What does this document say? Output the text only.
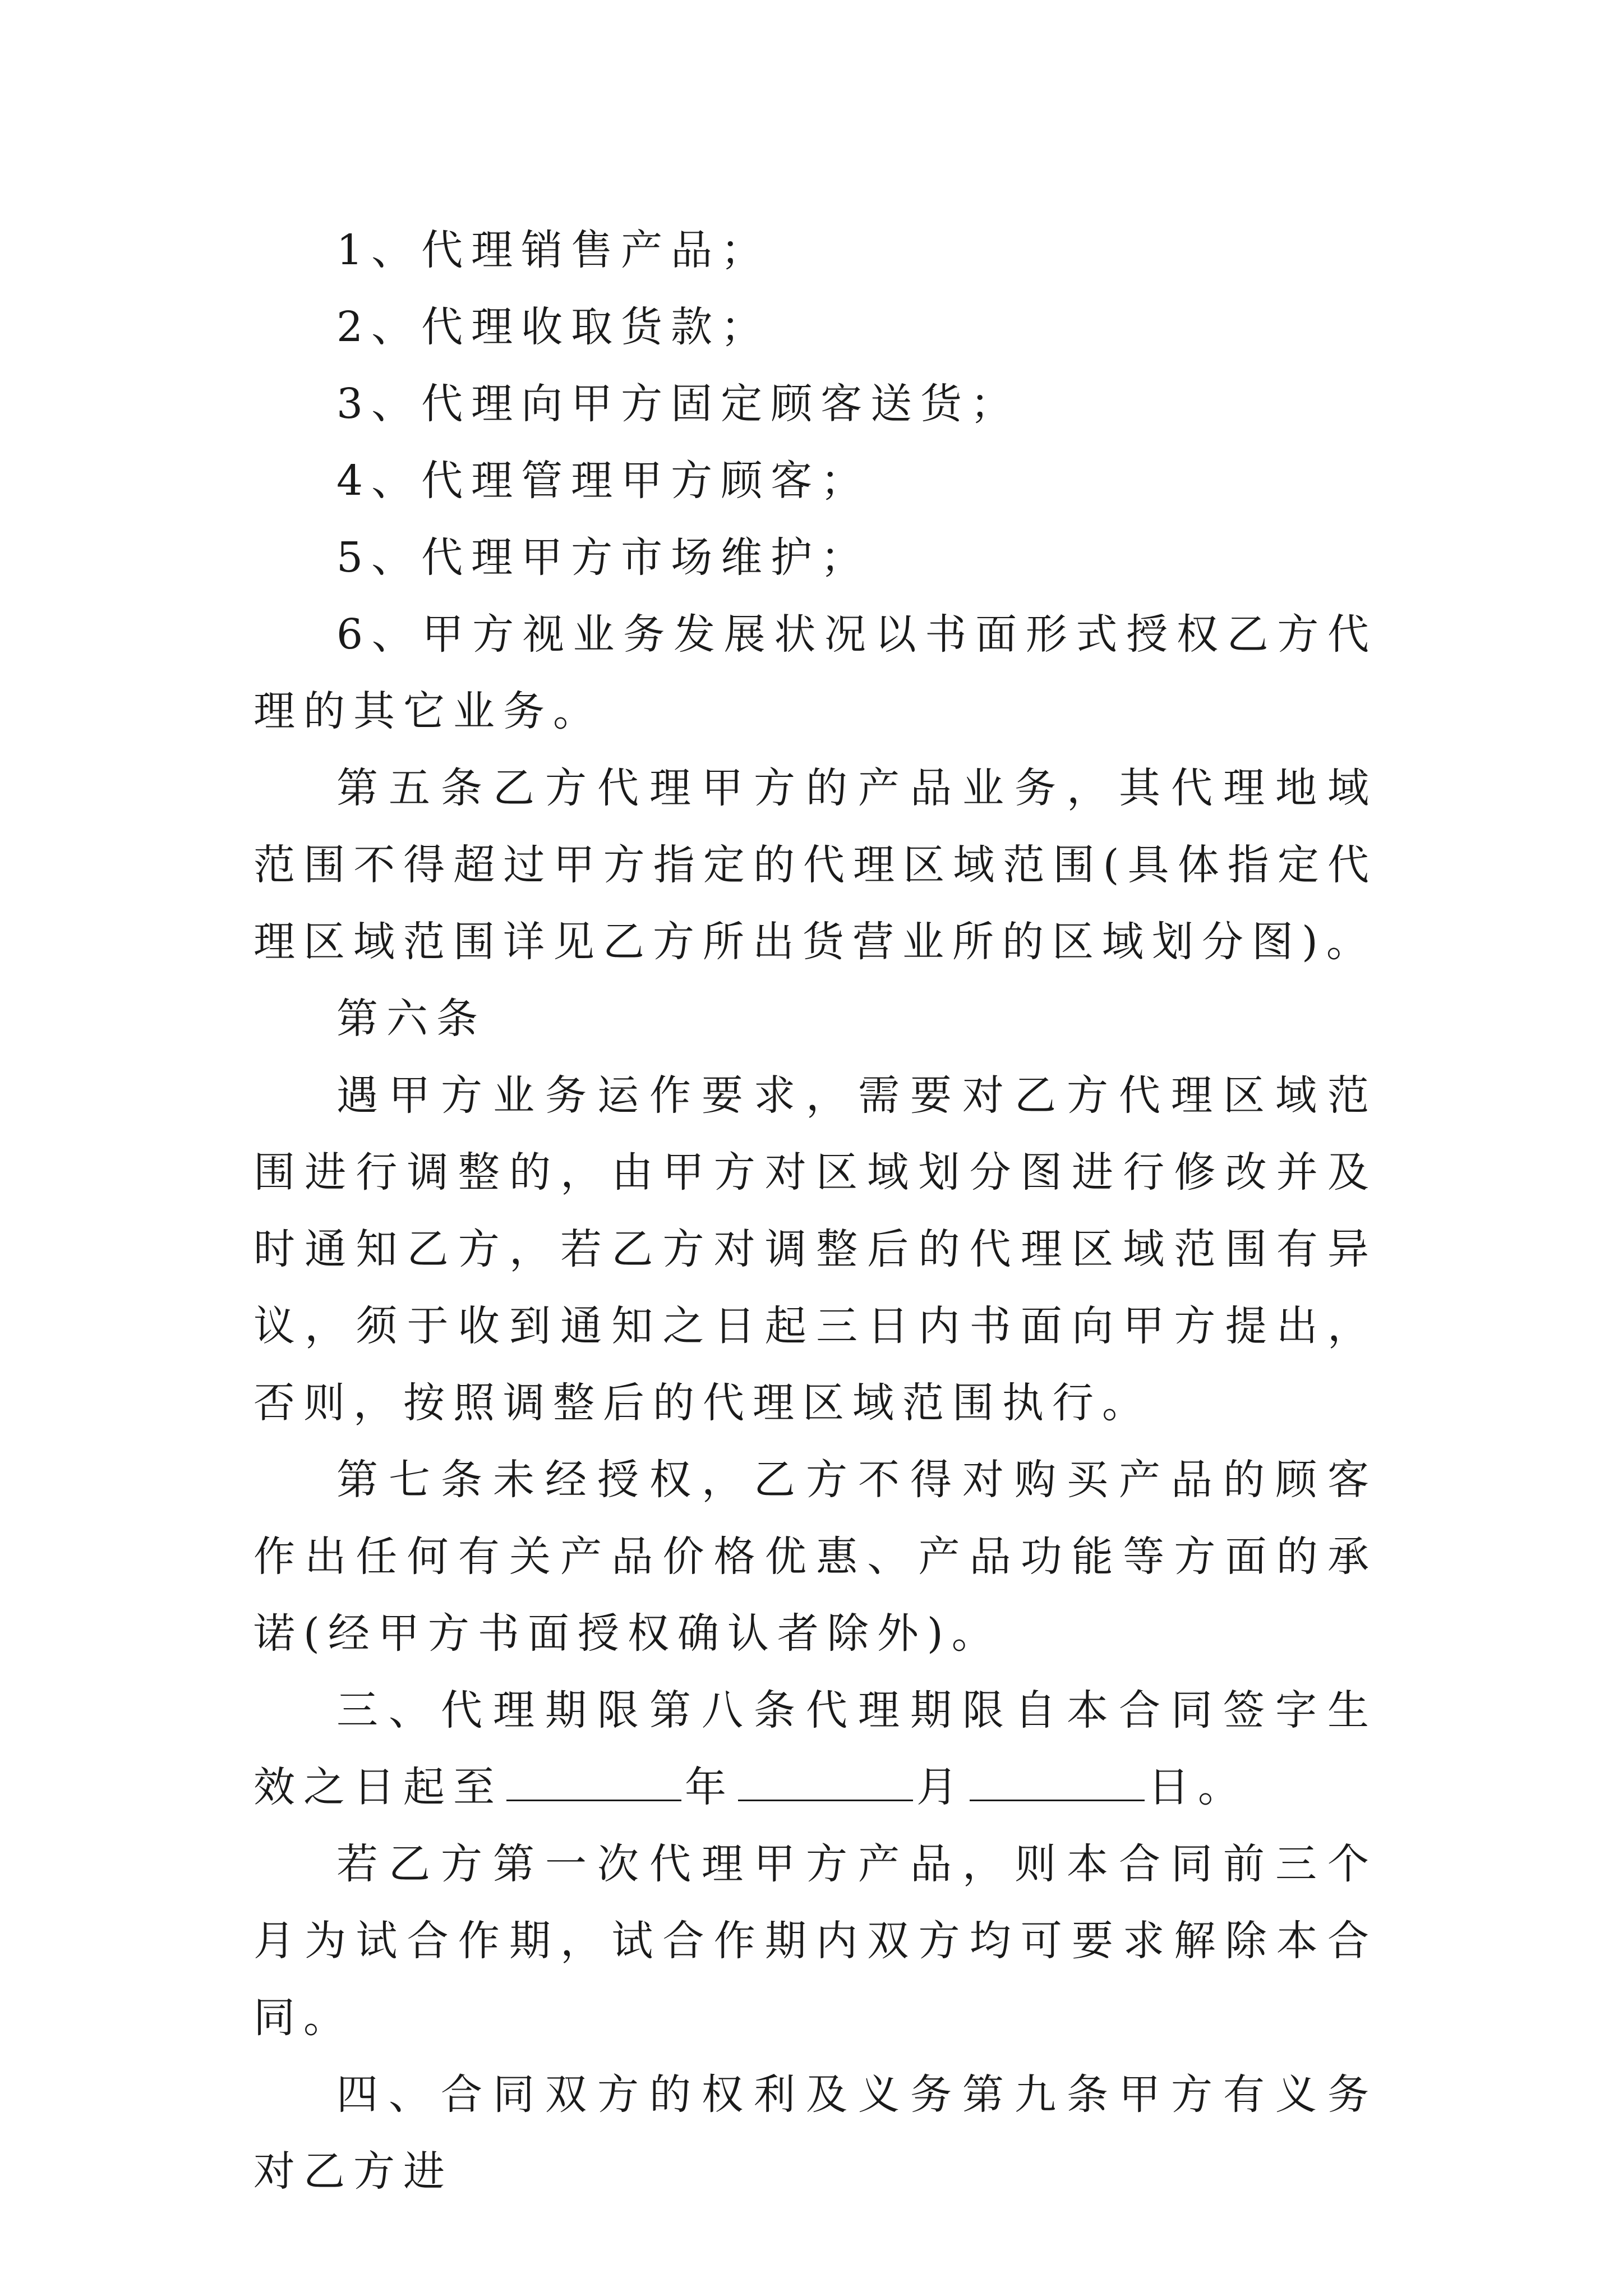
1、代理销售产品；

2、代理收取货款；

3、代理向甲方固定顾客送货；

4、代理管理甲方顾客；

5、代理甲方市场维护；

6、甲方视业务发展状况以书面形式授权乙方代理的其它业务。

第五条乙方代理甲方的产品业务，其代理地域范围不得超过甲方指定的代理区域范围(具体指定代理区域范围详见乙方所出货营业所的区域划分图)。

第六条

遇甲方业务运作要求，需要对乙方代理区域范围进行调整的，由甲方对区域划分图进行修改并及时通知乙方，若乙方对调整后的代理区域范围有异议，须于收到通知之日起三日内书面向甲方提出，否则，按照调整后的代理区域范围执行。

第七条未经授权，乙方不得对购买产品的顾客作出任何有关产品价格优惠、产品功能等方面的承诺(经甲方书面授权确认者除外)。

三、代理期限第八条代理期限自本合同签字生效之日起至	年	月	日。

若乙方第一次代理甲方产品，则本合同前三个月为试合作期，试合作期内双方均可要求解除本合同。

四、合同双方的权利及义务第九条甲方有义务对乙方进
